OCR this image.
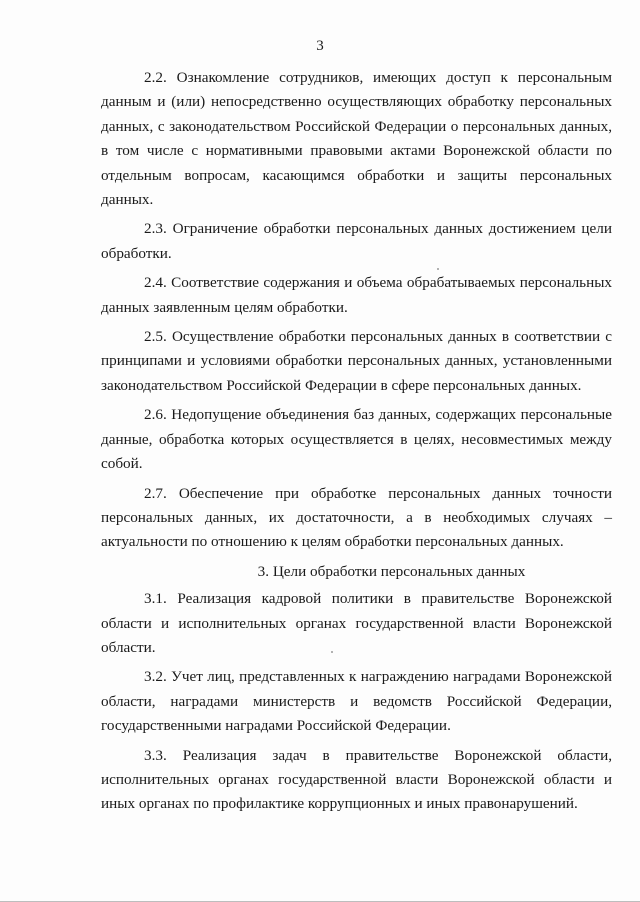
3

2.2. Ознакомление сотрудников, имеющих доступ к персональным данным и (или) непосредственно осуществляющих обработку персональных данных, с законодательством Российской Федерации о персональных данных, в том числе с нормативными правовыми актами Воронежской области по отдельным вопросам, касающимся обработки и защиты персональных данных.

2.3. Ограничение обработки персональных данных достижением цели обработки.

2.4. Соответствие содержания и объема обрабатываемых персональных данных заявленным целям обработки.

2.5. Осуществление обработки персональных данных в соответствии с принципами и условиями обработки персональных данных, установленными законодательством Российской Федерации в сфере персональных данных.

2.6. Недопущение объединения баз данных, содержащих персональные данные, обработка которых осуществляется в целях, несовместимых между собой.

2.7. Обеспечение при обработке персональных данных точности персональных данных, их достаточности, а в необходимых случаях – актуальности по отношению к целям обработки персональных данных.

3. Цели обработки персональных данных

3.1. Реализация кадровой политики в правительстве Воронежской области и исполнительных органах государственной власти Воронежской области.

3.2. Учет лиц, представленных к награждению наградами Воронежской области, наградами министерств и ведомств Российской Федерации, государственными наградами Российской Федерации.

3.3. Реализация задач в правительстве Воронежской области, исполнительных органах государственной власти Воронежской области и иных органах по профилактике коррупционных и иных правонарушений.
